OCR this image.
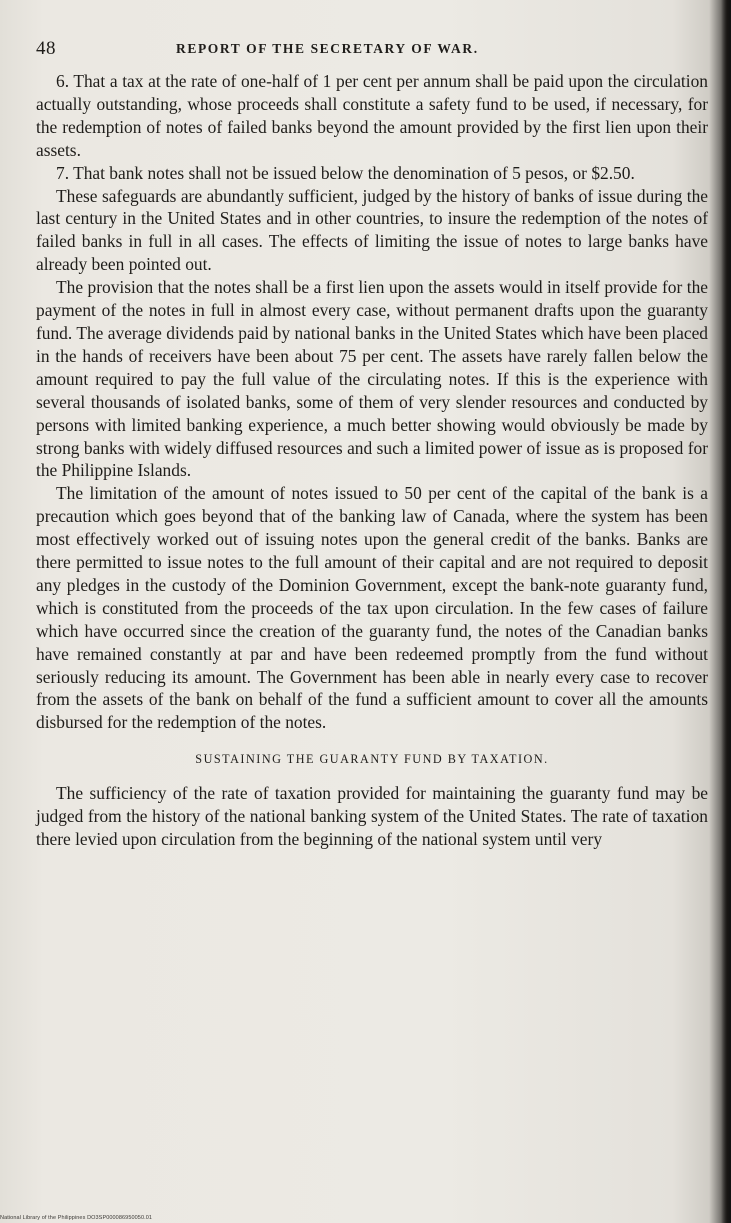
48	REPORT OF THE SECRETARY OF WAR.

6. That a tax at the rate of one-half of 1 per cent per annum shall be paid upon the circulation actually outstanding, whose proceeds shall constitute a safety fund to be used, if necessary, for the redemption of notes of failed banks beyond the amount provided by the first lien upon their assets.

7. That bank notes shall not be issued below the denomination of 5 pesos, or $2.50.

These safeguards are abundantly sufficient, judged by the history of banks of issue during the last century in the United States and in other countries, to insure the redemption of the notes of failed banks in full in all cases. The effects of limiting the issue of notes to large banks have already been pointed out.

The provision that the notes shall be a first lien upon the assets would in itself provide for the payment of the notes in full in almost every case, without permanent drafts upon the guaranty fund. The average dividends paid by national banks in the United States which have been placed in the hands of receivers have been about 75 per cent. The assets have rarely fallen below the amount required to pay the full value of the circulating notes. If this is the experience with several thousands of isolated banks, some of them of very slender resources and conducted by persons with limited banking experience, a much better showing would obviously be made by strong banks with widely diffused resources and such a limited power of issue as is proposed for the Philippine Islands.

The limitation of the amount of notes issued to 50 per cent of the capital of the bank is a precaution which goes beyond that of the banking law of Canada, where the system has been most effectively worked out of issuing notes upon the general credit of the banks. Banks are there permitted to issue notes to the full amount of their capital and are not required to deposit any pledges in the custody of the Dominion Government, except the bank-note guaranty fund, which is constituted from the proceeds of the tax upon circulation. In the few cases of failure which have occurred since the creation of the guaranty fund, the notes of the Canadian banks have remained constantly at par and have been redeemed promptly from the fund without seriously reducing its amount. The Government has been able in nearly every case to recover from the assets of the bank on behalf of the fund a sufficient amount to cover all the amounts disbursed for the redemption of the notes.

SUSTAINING THE GUARANTY FUND BY TAXATION.

The sufficiency of the rate of taxation provided for maintaining the guaranty fund may be judged from the history of the national banking system of the United States. The rate of taxation there levied upon circulation from the beginning of the national system until very

National Library of the Philippines DO3SP000086950050.01
